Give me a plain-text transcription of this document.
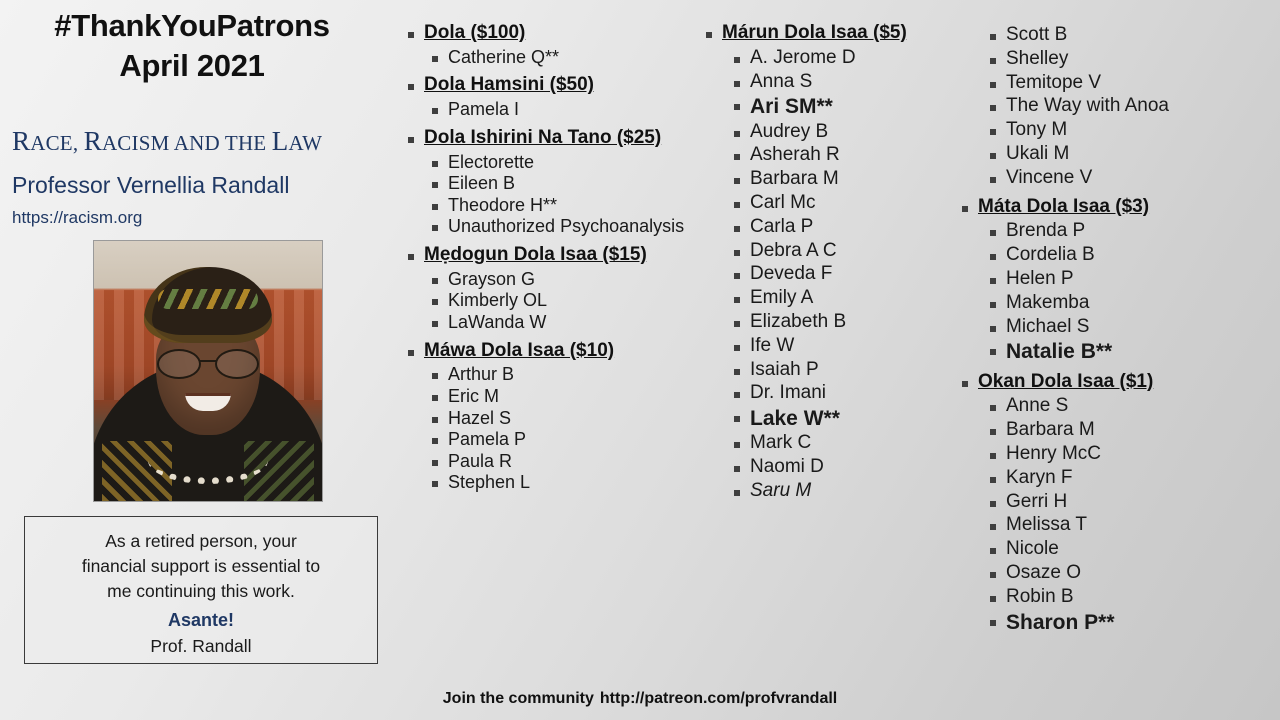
#ThankYouPatrons
April 2021
RACE, RACISM AND THE LAW
Professor Vernellia Randall
https://racism.org
As a retired person, your
financial support is essential to
me continuing this work.
Asante!
Prof. Randall
Dola ($100)
Catherine Q**
Dola Hamsini ($50)
Pamela I
Dola Ishirini Na Tano ($25)
Electorette
Eileen B
Theodore H**
Unauthorized Psychoanalysis
Mẹdogun Dola Isaa ($15)
Grayson G
Kimberly OL
LaWanda W
Máwa Dola Isaa ($10)
Arthur B
Eric M
Hazel S
Pamela P
Paula R
Stephen L
Márun Dola Isaa ($5)
A. Jerome D
Anna S
Ari SM**
Audrey B
Asherah R
Barbara M
Carl Mc
Carla P
Debra A C
Deveda F
Emily A
Elizabeth B
Ife W
Isaiah P
Dr. Imani
Lake W**
Mark C
Naomi D
Saru M
Scott B
Shelley
Temitope V
The Way with Anoa
Tony M
Ukali M
Vincene V
Máta Dola Isaa ($3)
Brenda P
Cordelia B
Helen P
Makemba
Michael S
Natalie B**
Okan Dola Isaa ($1)
Anne S
Barbara M
Henry McC
Karyn F
Gerri H
Melissa T
Nicole
Osaze O
Robin B
Sharon P**
Join the community http://patreon.com/profvrandall
